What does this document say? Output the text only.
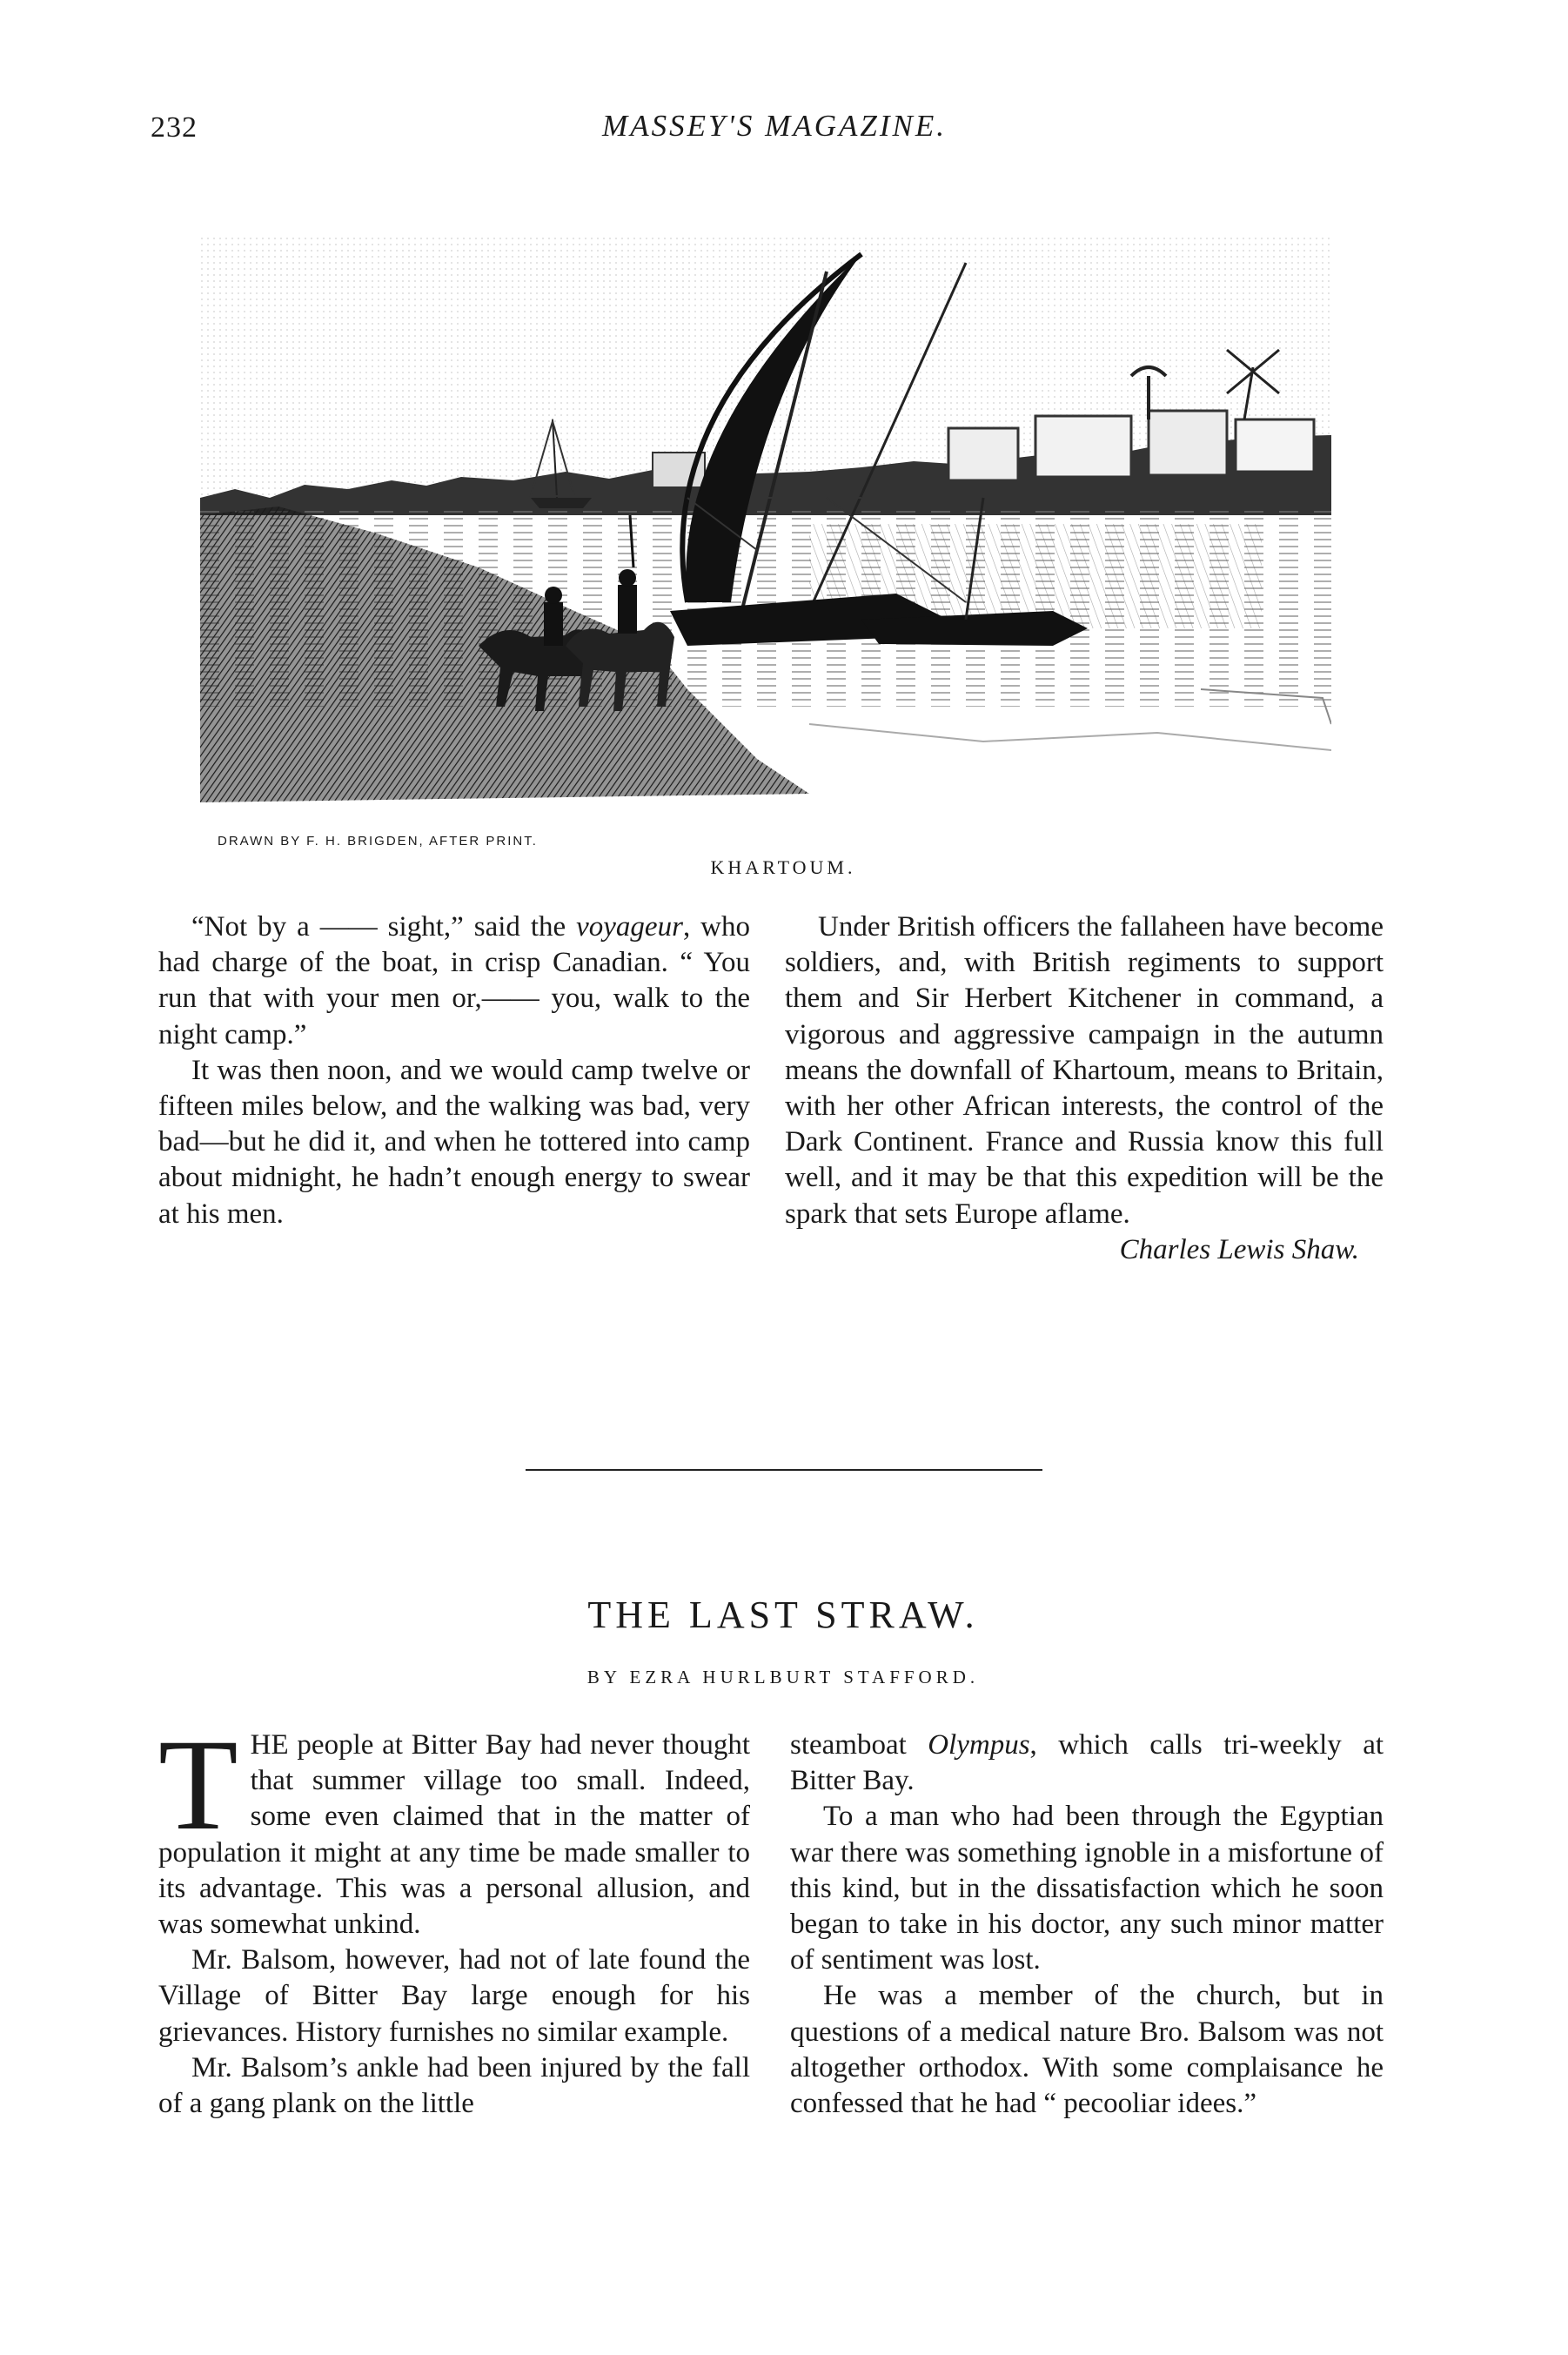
232	MASSEY'S MAGAZINE.
DRAWN BY F. H. BRIGDEN, AFTER PRINT.
KHARTOUM.

“Not by a —— sight,” said the voyageur, who had charge of the boat, in crisp Canadian. “ You run that with your men or,—— you, walk to the night camp.”

It was then noon, and we would camp twelve or fifteen miles below, and the walking was bad, very bad—but he did it, and when he tottered into camp about midnight, he hadn’t enough energy to swear at his men.

Under British officers the fallaheen have become soldiers, and, with British regiments to support them and Sir Herbert Kitchener in command, a vigorous and aggressive campaign in the autumn means the downfall of Khartoum, means to Britain, with her other African interests, the control of the Dark Continent. France and Russia know this full well, and it may be that this expedition will be the spark that sets Europe aflame.

Charles Lewis Shaw.

THE LAST STRAW.
BY EZRA HURLBURT STAFFORD.

THE people at Bitter Bay had never thought that summer village too small. Indeed, some even claimed that in the matter of population it might at any time be made smaller to its advantage. This was a personal allusion, and was somewhat unkind.

Mr. Balsom, however, had not of late found the Village of Bitter Bay large enough for his grievances. History furnishes no similar example.

Mr. Balsom’s ankle had been injured by the fall of a gang plank on the little

steamboat Olympus, which calls tri-weekly at Bitter Bay.

To a man who had been through the Egyptian war there was something ignoble in a misfortune of this kind, but in the dissatisfaction which he soon began to take in his doctor, any such minor matter of sentiment was lost.

He was a member of the church, but in questions of a medical nature Bro. Balsom was not altogether orthodox. With some complaisance he confessed that he had “ pecooliar idees.”
